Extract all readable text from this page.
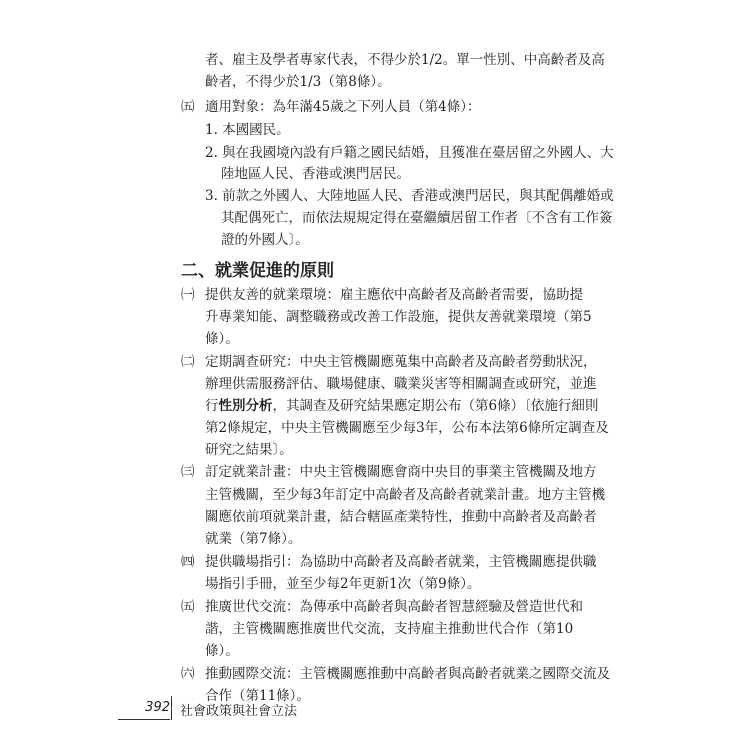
者、雇主及學者專家代表，不得少於1/2。單一性別、中高齡者及高
齡者，不得少於1/3（第8條）。
㈤ 適用對象：為年滿45歲之下列人員（第4條）：
1. 本國國民。
2. 與在我國境內設有戶籍之國民結婚，且獲准在臺居留之外國人、大
陸地區人民、香港或澳門居民。
3. 前款之外國人、大陸地區人民、香港或澳門居民，與其配偶離婚或
其配偶死亡，而依法規規定得在臺繼續居留工作者〔不含有工作簽
證的外國人〕。
二、就業促進的原則
㈠ 提供友善的就業環境：雇主應依中高齡者及高齡者需要，協助提
升專業知能、調整職務或改善工作設施，提供友善就業環境（第5
條）。
㈡ 定期調查研究：中央主管機關應蒐集中高齡者及高齡者勞動狀況，
辦理供需服務評估、職場健康、職業災害等相關調查或研究，並進
行性別分析，其調查及研究結果應定期公布（第6條）〔依施行細則
第2條規定，中央主管機關應至少每3年，公布本法第6條所定調查及
研究之結果〕。
㈢ 訂定就業計畫：中央主管機關應會商中央目的事業主管機關及地方
主管機關，至少每3年訂定中高齡者及高齡者就業計畫。地方主管機
關應依前項就業計畫，結合轄區產業特性，推動中高齡者及高齡者
就業（第7條）。
㈣ 提供職場指引：為協助中高齡者及高齡者就業，主管機關應提供職
場指引手冊，並至少每2年更新1次（第9條）。
㈤ 推廣世代交流：為傳承中高齡者與高齡者智慧經驗及營造世代和
諧，主管機關應推廣世代交流，支持雇主推動世代合作（第10
條）。
㈥ 推動國際交流：主管機關應推動中高齡者與高齡者就業之國際交流及
合作（第11條）。
392 社會政策與社會立法
